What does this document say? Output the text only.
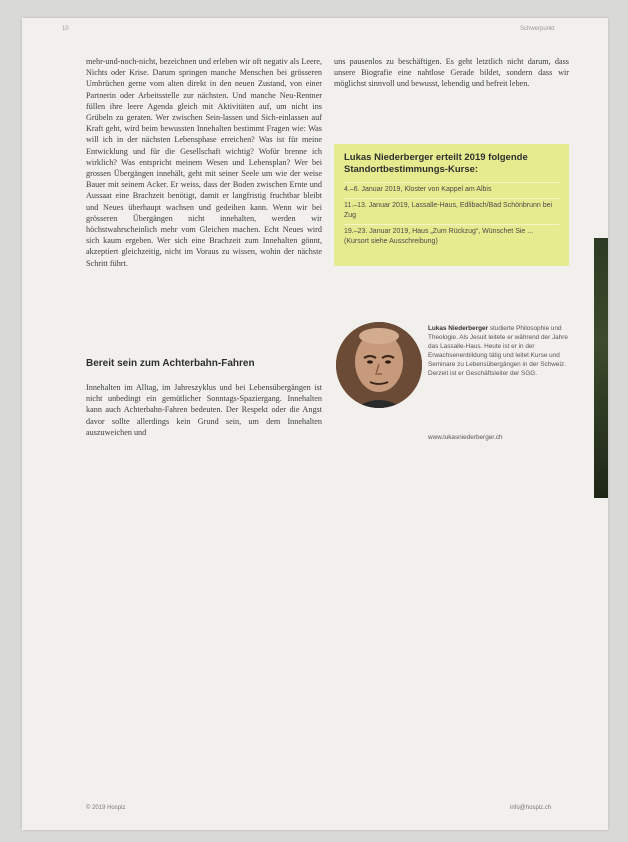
10	Schwerpunkt

mehr-und-noch-nicht, bezeichnen und erleben wir oft negativ als Leere, Nichts oder Krise. Darum springen manche Menschen bei grösseren Umbrüchen gerne vom alten direkt in den neuen Zustand, von einer Partnerin oder Arbeitsstelle zur nächsten. Und manche Neu-Rentner füllen ihre leere Agenda gleich mit Aktivitäten auf, um nicht ins Grübeln zu geraten. Wer zwischen Sein-lassen und Sich-einlassen auf Kraft geht, wird beim bewussten Innehalten bestimmt Fragen wie: Was will ich in der nächsten Lebensphase erreichen? Was ist für meine Entwicklung und für die Gesellschaft wichtig? Wofür brenne ich wirklich? Was entspricht meinem Wesen und Lebensplan? Wer bei grossen Übergängen innehält, geht mit seiner Seele um wie der weise Bauer mit seinem Acker. Er weiss, dass der Boden zwischen Ernte und Aussaat eine Brachzeit benötigt, damit er langfristig fruchtbar bleibt und Neues überhaupt wachsen und gedeihen kann. Wenn wir bei grösseren Übergängen nicht innehalten, werden wir höchstwahrscheinlich mehr vom Gleichen machen. Echt Neues wird sich kaum ergeben. Wer sich eine Brachzeit zum Innehalten gönnt, akzeptiert gleichzeitig, nicht im Voraus zu wissen, wohin der nächste Schritt führt.

Bereit sein zum Achterbahn-Fahren

Innehalten im Alltag, im Jahreszyklus und bei Lebensübergängen ist nicht unbedingt ein gemütlicher Sonntags-Spaziergang. Innehalten kann auch Achterbahn-Fahren bedeuten. Der Respekt oder die Angst davor sollte allerdings kein Grund sein, um dem Innehalten auszuweichen und

uns pausenlos zu beschäftigen. Es geht letztlich nicht darum, dass unsere Biografie eine nahtlose Gerade bildet, sondern dass wir möglichst sinnvoll und bewusst, lebendig und befreit leben.

Lukas Niederberger erteilt 2019 folgende Standortbestimmungs-Kurse:
4.–6. Januar 2019, Kloster von Kappel am Albis
11.–13. Januar 2019, Lassalle-Haus, Edlibach/Bad Schönbrunn bei Zug
19.–23. Januar 2019, Haus „Zum Rückzug“, Wünschet Sie ... (Kursort siehe Ausschreibung)
Lukas Niederberger studierte Philosophie und Theologie. Als Jesuit leitete er während der Jahre das Lassalle-Haus. Heute ist er in der Erwachsenenbildung tätig und leitet Kurse und Seminare zu Lebensübergängen in der Schweiz. Derzeit ist er Geschäftsleiter der SGG.
www.lukasniederberger.ch
© 2019 Hospiz	info@hospiz.ch
